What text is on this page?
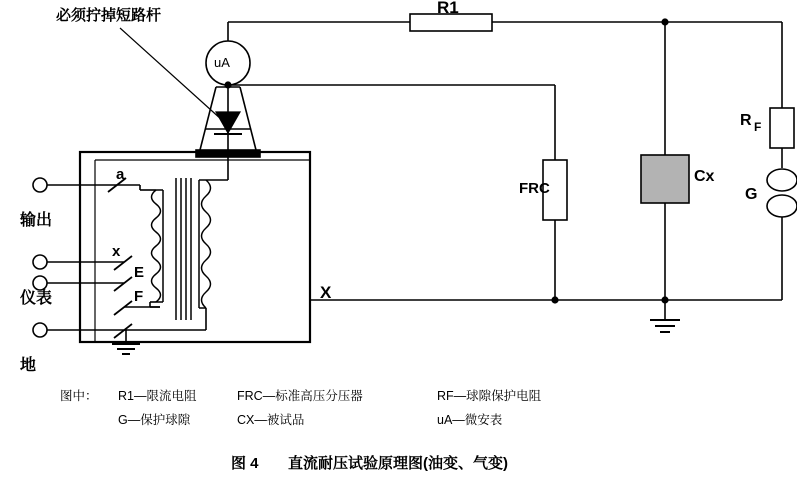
必须拧掉短路杆	R1
uA
FRC
Cx
R F
G
a
x
E
F	X
输出
仪表
地
图中： R1—限流电阻	FRC—标准高压分压器	RF—球隙保护电阻
G—保护球隙	CX—被试品	uA—微安表
图 4 直流耐压试验原理图(油变、气变)
